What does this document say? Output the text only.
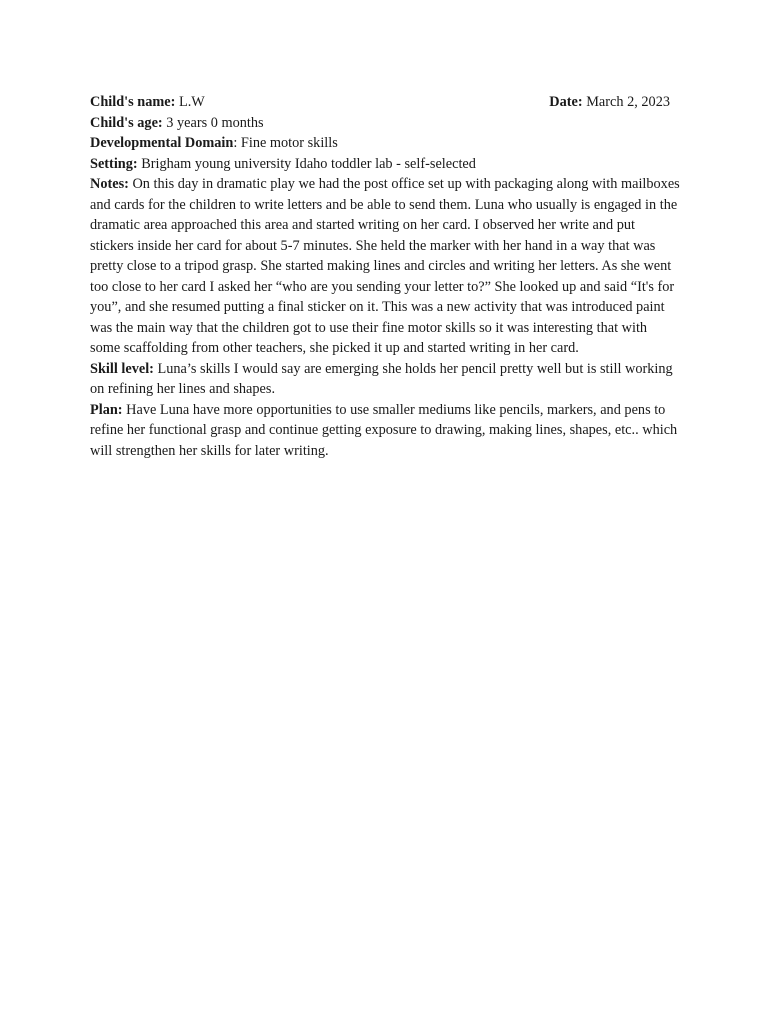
Child's name: L.W	Date: March 2, 2023
Child's age: 3 years 0 months
Developmental Domain: Fine motor skills
Setting: Brigham young university Idaho toddler lab - self-selected

Notes: On this day in dramatic play we had the post office set up with packaging along with mailboxes and cards for the children to write letters and be able to send them. Luna who usually is engaged in the dramatic area approached this area and started writing on her card. I observed her write and put stickers inside her card for about 5-7 minutes. She held the marker with her hand in a way that was pretty close to a tripod grasp. She started making lines and circles and writing her letters. As she went too close to her card I asked her “who are you sending your letter to?” She looked up and said “It's for you”, and she resumed putting a final sticker on it. This was a new activity that was introduced paint was the main way that the children got to use their fine motor skills so it was interesting that with some scaffolding from other teachers, she picked it up and started writing in her card.

Skill level: Luna’s skills I would say are emerging she holds her pencil pretty well but is still working on refining her lines and shapes.

Plan: Have Luna have more opportunities to use smaller mediums like pencils, markers, and pens to refine her functional grasp and continue getting exposure to drawing, making lines, shapes, etc.. which will strengthen her skills for later writing.
